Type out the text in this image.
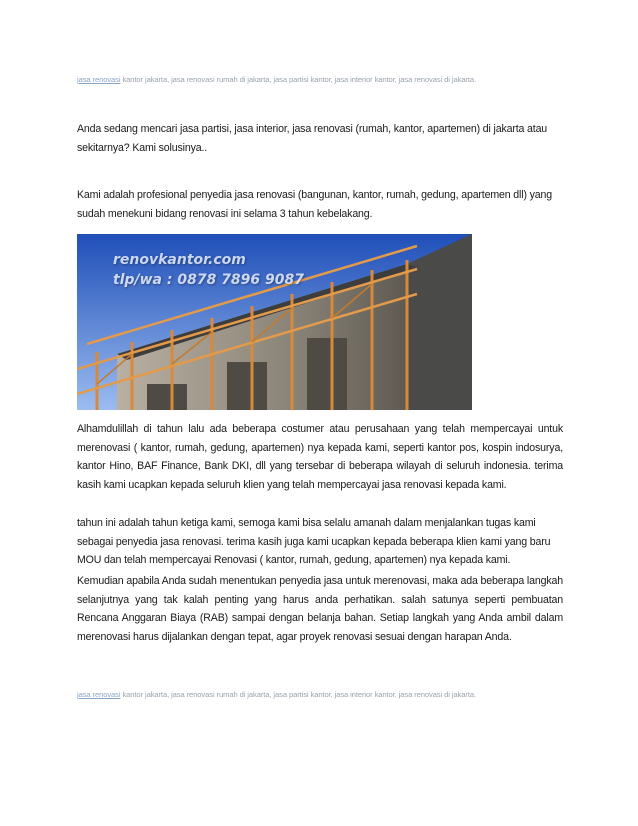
jasa renovasi kantor jakarta, jasa renovasi rumah di jakarta, jasa partisi kantor, jasa interior kantor, jasa renovasi di jakarta.

Anda sedang mencari jasa partisi, jasa interior, jasa renovasi (rumah, kantor, apartemen) di jakarta atau sekitarnya? Kami solusinya..

Kami adalah profesional penyedia jasa renovasi (bangunan, kantor, rumah, gedung, apartemen dll) yang sudah menekuni bidang renovasi ini selama 3 tahun kebelakang.

renovkantor.com
tlp/wa : 0878 7896 9087

Alhamdulillah di tahun lalu ada beberapa costumer atau perusahaan yang telah mempercayai untuk merenovasi ( kantor, rumah, gedung, apartemen) nya kepada kami, seperti kantor pos, kospin indosurya, kantor Hino, BAF Finance, Bank DKI, dll yang tersebar di beberapa wilayah di seluruh indonesia. terima kasih kami ucapkan kepada seluruh klien yang telah mempercayai jasa renovasi kepada kami.

tahun ini adalah tahun ketiga kami, semoga kami bisa selalu amanah dalam menjalankan tugas kami sebagai penyedia jasa renovasi. terima kasih juga kami ucapkan kepada beberapa klien kami yang baru MOU dan telah mempercayai Renovasi ( kantor, rumah, gedung, apartemen) nya kepada kami.

Kemudian apabila Anda sudah menentukan penyedia jasa untuk merenovasi, maka ada beberapa langkah selanjutnya yang tak kalah penting yang harus anda perhatikan. salah satunya seperti pembuatan Rencana Anggaran Biaya (RAB) sampai dengan belanja bahan. Setiap langkah yang Anda ambil dalam merenovasi harus dijalankan dengan tepat, agar proyek renovasi sesuai dengan harapan Anda.

jasa renovasi kantor jakarta, jasa renovasi rumah di jakarta, jasa partisi kantor, jasa interior kantor, jasa renovasi di jakarta.
